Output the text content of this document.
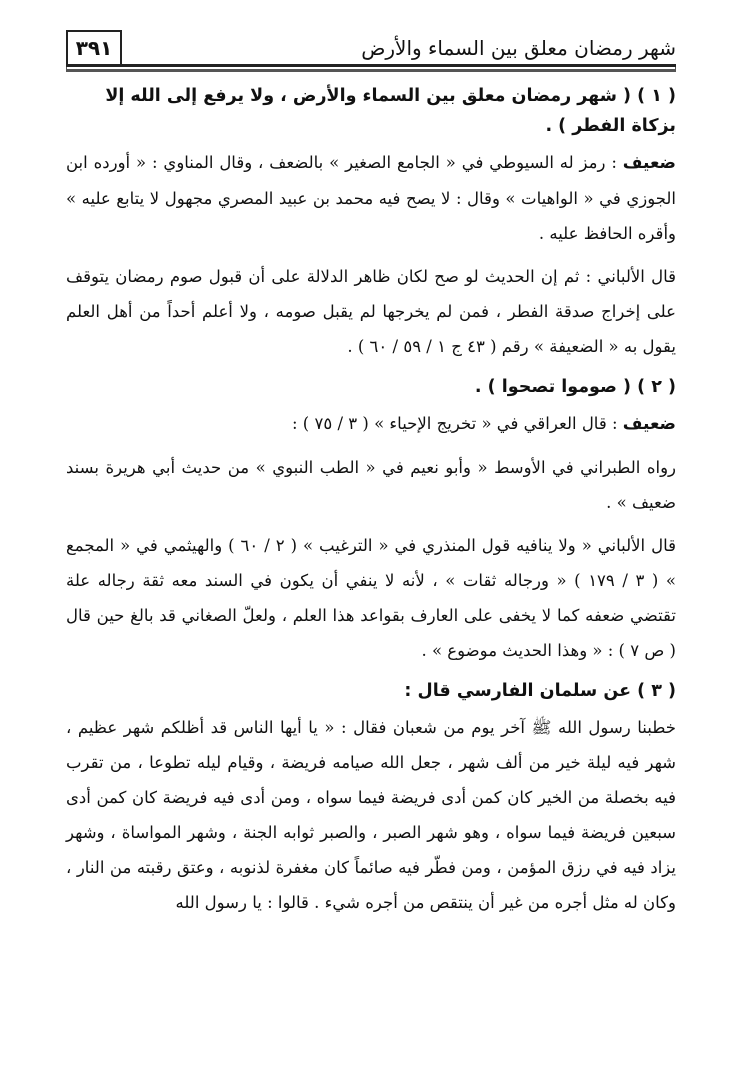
شهر رمضان معلق بين السماء والأرض
٣٩١

( ١ ) ( شهر رمضان معلق بين السماء والأرض ، ولا يرفع إلى الله إلا بزكاة الفطر ) .

ضعيف : رمز له السيوطي في « الجامع الصغير » بالضعف ، وقال المناوي : « أورده ابن الجوزي في « الواهيات » وقال : لا يصح فيه محمد بن عبيد المصري مجهول لا يتابع عليه » وأقره الحافظ عليه .

قال الألباني : ثم إن الحديث لو صح لكان ظاهر الدلالة على أن قبول صوم رمضان يتوقف على إخراج صدقة الفطر ، فمن لم يخرجها لم يقبل صومه ، ولا أعلم أحداً من أهل العلم يقول به « الضعيفة » رقم ( ٤٣ ج ١ / ٥٩ / ٦٠ ) .

( ٢ ) ( صوموا تصحوا ) .

ضعيف : قال العراقي في « تخريج الإحياء » ( ٣ / ٧٥ ) :

رواه الطبراني في الأوسط « وأبو نعيم في « الطب النبوي » من حديث أبي هريرة بسند ضعيف » .

قال الألباني « ولا ينافيه قول المنذري في « الترغيب » ( ٢ / ٦٠ ) والهيثمي في « المجمع » ( ٣ / ١٧٩ ) « ورجاله ثقات » ، لأنه لا ينفي أن يكون في السند معه ثقة رجاله علة تقتضي ضعفه كما لا يخفى على العارف بقواعد هذا العلم ، ولعلّ الصغاني قد بالغ حين قال ( ص ٧ ) : « وهذا الحديث موضوع » .

( ٣ ) عن سلمان الفارسي قال :

خطبنا رسول الله ﷺ آخر يوم من شعبان فقال : « يا أيها الناس قد أظلكم شهر عظيم ، شهر فيه ليلة خير من ألف شهر ، جعل الله صيامه فريضة ، وقيام ليله تطوعا ، من تقرب فيه بخصلة من الخير كان كمن أدى فريضة فيما سواه ، ومن أدى فيه فريضة كان كمن أدى سبعين فريضة فيما سواه ، وهو شهر الصبر ، والصبر ثوابه الجنة ، وشهر المواساة ، وشهر يزاد فيه في رزق المؤمن ، ومن فطّر فيه صائماً كان مغفرة لذنوبه ، وعتق رقبته من النار ، وكان له مثل أجره من غير أن ينتقص من أجره شيء . قالوا : يا رسول الله
